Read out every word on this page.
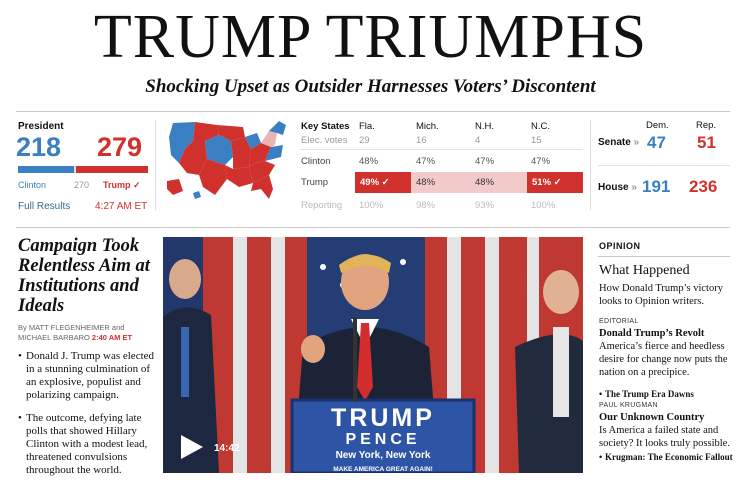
TRUMP TRIUMPHS
Shocking Upset as Outsider Harnesses Voters’ Discontent
President
218 279
Clinton	270 Trump ✓
Full Results 4:27 AM ET
Key States Fla.	Mich.	N.H.	N.C.
Elec. votes 29	16	4	15
Clinton	48%	47%	47%	47%
Trump	49% ✓	48%	48%	51% ✓
Reporting 100%	98%	93%	100%
Dem.	Rep.
Senate » 47 51
House » 191 236
Campaign Took Relentless Aim at Institutions and Ideals
By MATT FLEGENHEIMER and
MICHAEL BARBARO 2:40 AM ET
• Donald J. Trump was elected in a stunning culmination of an explosive, populist and polarizing campaign.
• The outcome, defying late polls that showed Hillary Clinton with a modest lead, threatened convulsions throughout the world.
TRUMP
PENCE
New York, New York
MAKE AMERICA GREAT AGAIN!
14:42
OPINION
What Happened
How Donald Trump’s victory looks to Opinion writers.
EDITORIAL
Donald Trump’s Revolt
America’s fierce and heedless desire for change now puts the nation on a precipice.
• The Trump Era Dawns
PAUL KRUGMAN
Our Unknown Country
Is America a failed state and society? It looks truly possible.
• Krugman: The Economic Fallout
